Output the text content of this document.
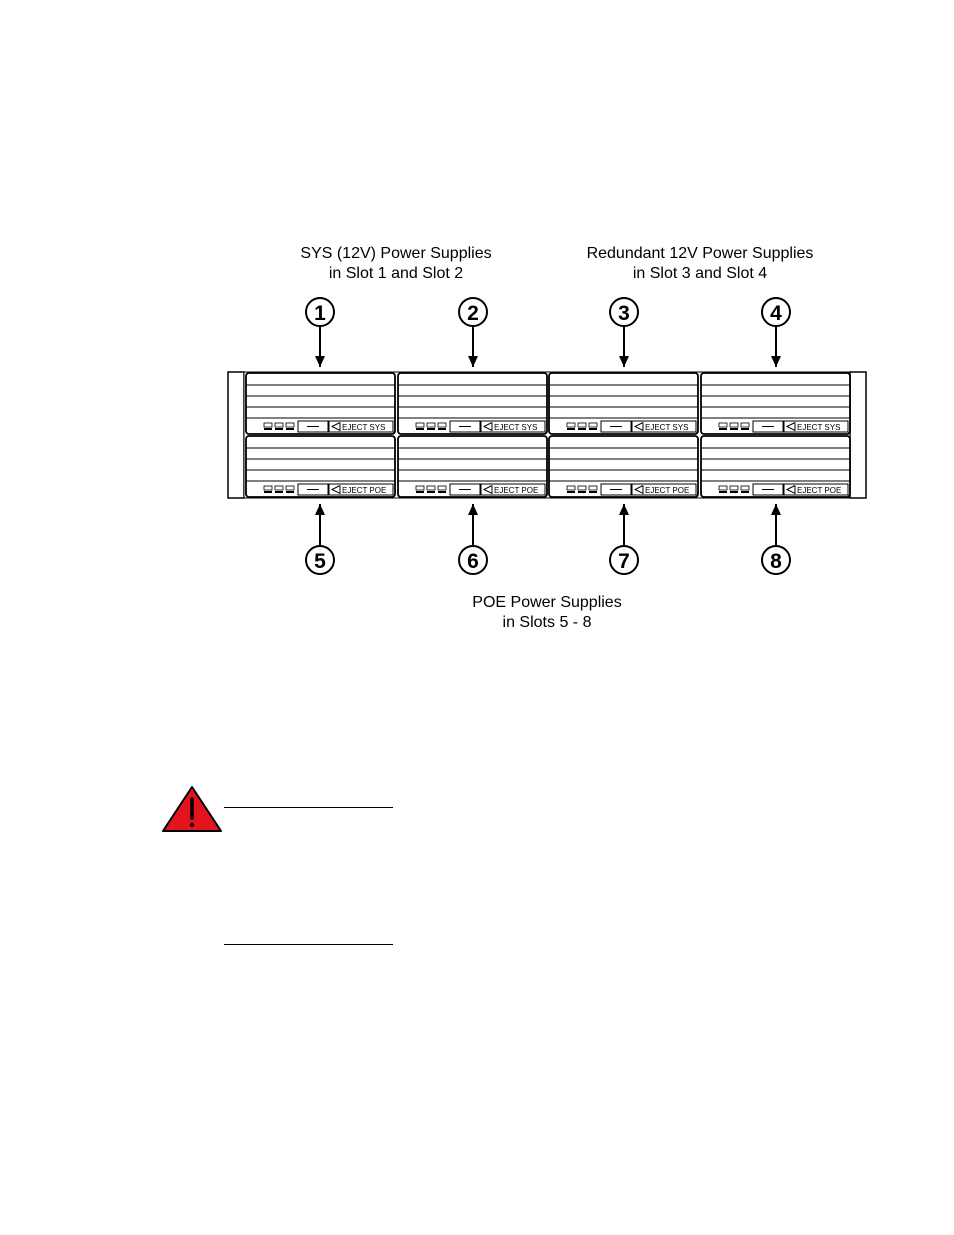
SYS (12V) Power Supplies
in Slot 1 and Slot 2
Redundant 12V Power Supplies
in Slot 3 and Slot 4
POE Power Supplies
in Slots 5 - 8
EJECT SYS	EJECT SYS	EJECT SYS	EJECT SYS
EJECT POE	EJECT POE	EJECT POE	EJECT POE
1	2	3	4
5	6	7	8
